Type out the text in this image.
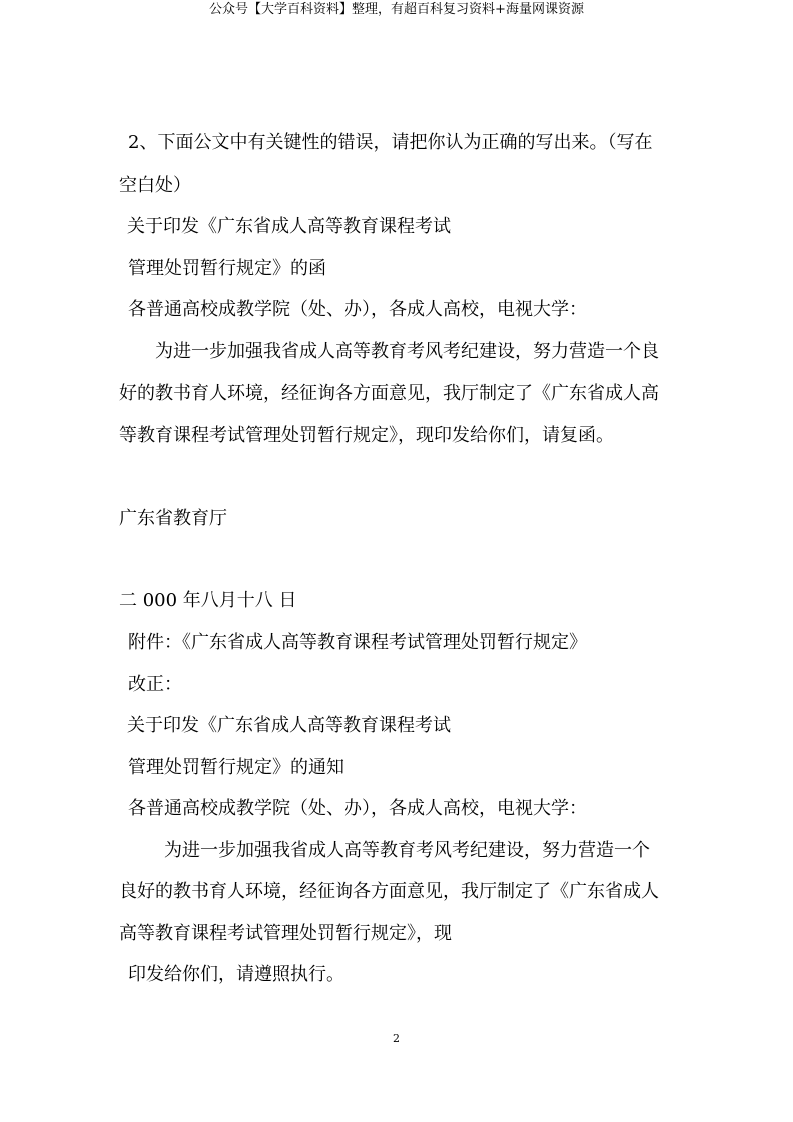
公众号【大学百科资料】整理，有超百科复习资料+海量网课资源
2、下面公文中有关键性的错误，请把你认为正确的写出来。（写在
空白处）
关于印发《广东省成人高等教育课程考试
管理处罚暂行规定》的函
各普通高校成教学院（处、办），各成人高校，电视大学：
为进一步加强我省成人高等教育考风考纪建设，努力营造一个良
好的教书育人环境，经征询各方面意见，我厅制定了《广东省成人高
等教育课程考试管理处罚暂行规定》，现印发给你们，请复函。
广东省教育厅
二 000 年八月十八 日
附件：《广东省成人高等教育课程考试管理处罚暂行规定》
改正：
关于印发《广东省成人高等教育课程考试
管理处罚暂行规定》的通知
各普通高校成教学院（处、办），各成人高校，电视大学：
为进一步加强我省成人高等教育考风考纪建设，努力营造一个
良好的教书育人环境，经征询各方面意见，我厅制定了《广东省成人
高等教育课程考试管理处罚暂行规定》，现
印发给你们，请遵照执行。
2
